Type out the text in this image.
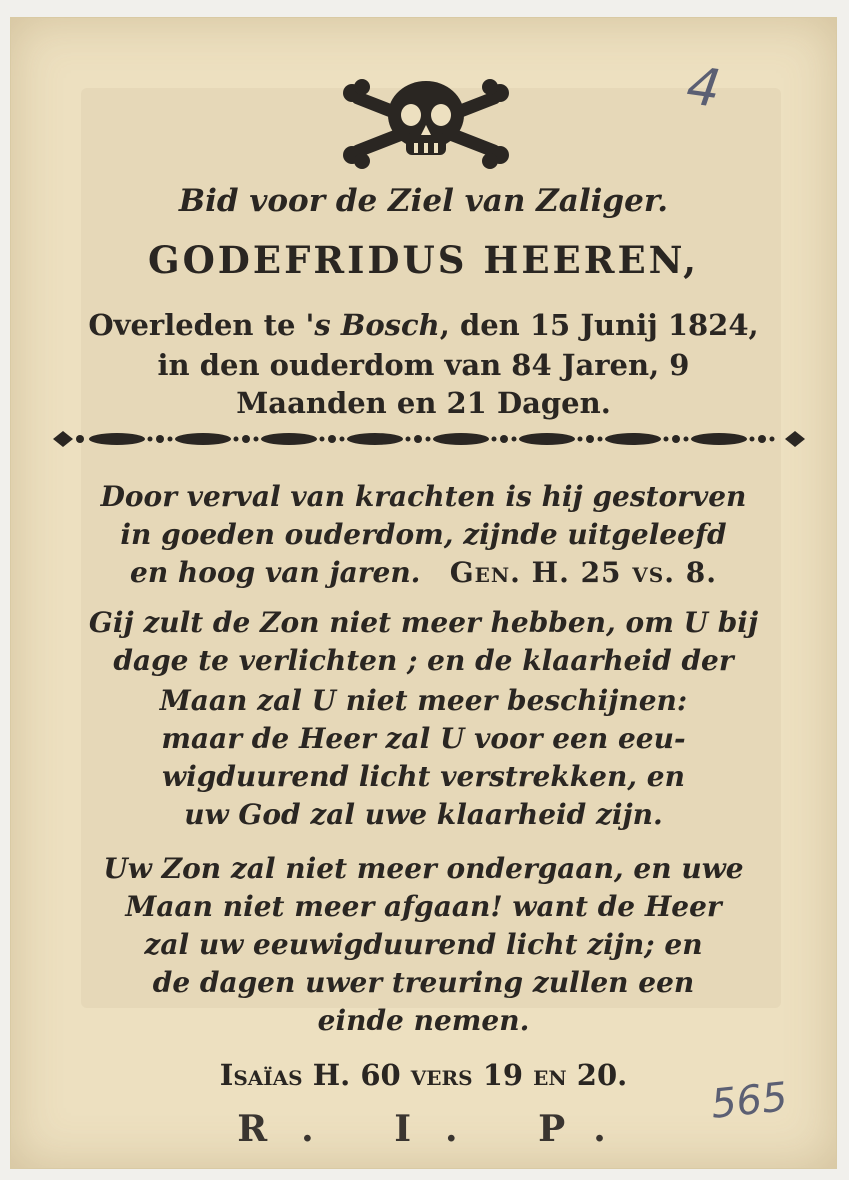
Bid voor de Ziel van Zaliger.
GODEFRIDUS HEEREN,
Overleden te 's Bosch, den 15 Junij 1824,
in den ouderdom van 84 Jaren, 9
Maanden en 21 Dagen.
Door verval van krachten is hij gestorven
in goeden ouderdom, zijnde uitgeleefd
en hoog van jaren. Gen. H. 25 vs. 8.
Gij zult de Zon niet meer hebben, om U bij
dage te verlichten ; en de klaarheid der
Maan zal U niet meer beschijnen:
maar de Heer zal U voor een eeu-
wigduurend licht verstrekken, en
uw God zal uwe klaarheid zijn.
Uw Zon zal niet meer ondergaan, en uwe
Maan niet meer afgaan! want de Heer
zal uw eeuwigduurend licht zijn; en
de dagen uwer treuring zullen een
einde nemen.
Isaïas H. 60 vers 19 en 20.
R. I. P.
4
565
